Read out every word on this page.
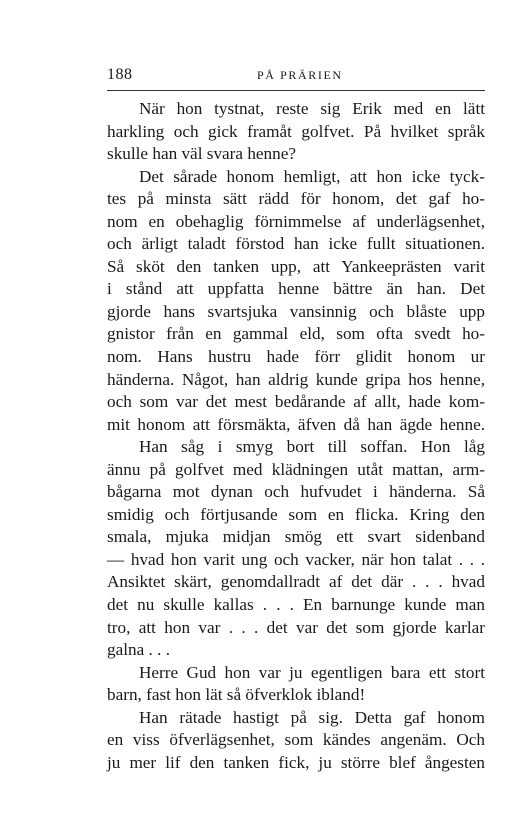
188	PÅ PRÄRIEN
När hon tystnat, reste sig Erik med en lätt
harkling och gick framåt golfvet. På hvilket språk
skulle han väl svara henne?
Det sårade honom hemligt, att hon icke tyck-
tes på minsta sätt rädd för honom, det gaf ho-
nom en obehaglig förnimmelse af underlägsenhet,
och ärligt taladt förstod han icke fullt situationen.
Så sköt den tanken upp, att Yankeeprästen varit
i stånd att uppfatta henne bättre än han. Det
gjorde hans svartsjuka vansinnig och blåste upp
gnistor från en gammal eld, som ofta svedt ho-
nom. Hans hustru hade förr glidit honom ur
händerna. Något, han aldrig kunde gripa hos henne,
och som var det mest bedårande af allt, hade kom-
mit honom att försmäkta, äfven då han ägde henne.
Han såg i smyg bort till soffan. Hon låg
ännu på golfvet med klädningen utåt mattan, arm-
bågarna mot dynan och hufvudet i händerna. Så
smidig och förtjusande som en flicka. Kring den
smala, mjuka midjan smög ett svart sidenband
— hvad hon varit ung och vacker, när hon talat . . .
Ansiktet skärt, genomdallradt af det där . . . hvad
det nu skulle kallas . . . En barnunge kunde man
tro, att hon var . . . det var det som gjorde karlar
galna . . .
Herre Gud hon var ju egentligen bara ett stort
barn, fast hon lät så öfverklok ibland!
Han rätade hastigt på sig. Detta gaf honom
en viss öfverlägsenhet, som kändes angenäm. Och
ju mer lif den tanken fick, ju större blef ångesten
